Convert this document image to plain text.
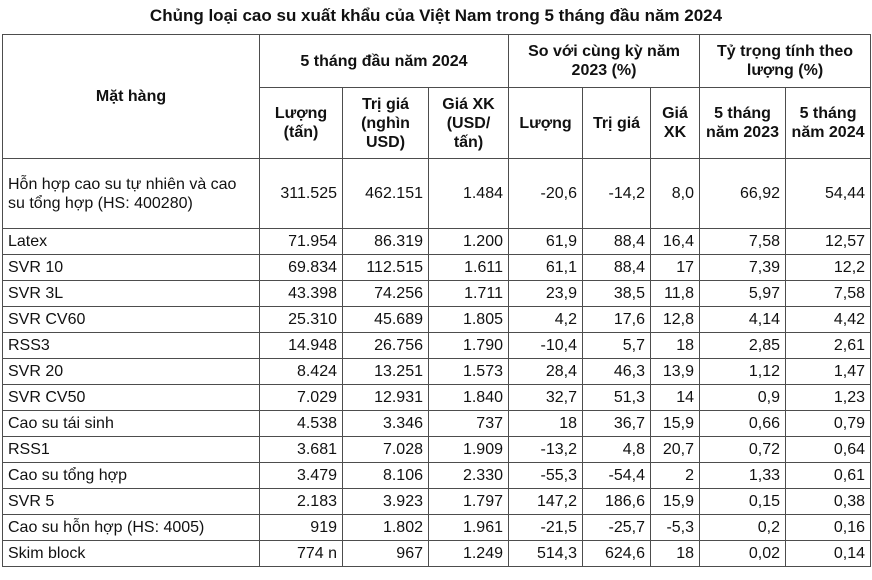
Chủng loại cao su xuất khẩu của Việt Nam trong 5 tháng đầu năm 2024
Mặt hàng	5 tháng đầu năm 2024			So với cùng kỳ năm 2023 (%)			Tỷ trọng tính theo lượng (%)	
	Lượng (tấn)	Trị giá (nghìn USD)	Giá XK (USD/ tấn)	Lượng	Trị giá	Giá XK	5 tháng năm 2023	5 tháng năm 2024
Hỗn hợp cao su tự nhiên và cao su tổng hợp (HS: 400280)	311.525	462.151	1.484	-20,6	-14,2	8,0	66,92	54,44
Latex	71.954	86.319	1.200	61,9	88,4	16,4	7,58	12,57
SVR 10	69.834	112.515	1.611	61,1	88,4	17	7,39	12,2
SVR 3L	43.398	74.256	1.711	23,9	38,5	11,8	5,97	7,58
SVR CV60	25.310	45.689	1.805	4,2	17,6	12,8	4,14	4,42
RSS3	14.948	26.756	1.790	-10,4	5,7	18	2,85	2,61
SVR 20	8.424	13.251	1.573	28,4	46,3	13,9	1,12	1,47
SVR CV50	7.029	12.931	1.840	32,7	51,3	14	0,9	1,23
Cao su tái sinh	4.538	3.346	737	18	36,7	15,9	0,66	0,79
RSS1	3.681	7.028	1.909	-13,2	4,8	20,7	0,72	0,64
Cao su tổng hợp	3.479	8.106	2.330	-55,3	-54,4	2	1,33	0,61
SVR 5	2.183	3.923	1.797	147,2	186,6	15,9	0,15	0,38
Cao su hỗn hợp (HS: 4005)	919	1.802	1.961	-21,5	-25,7	-5,3	0,2	0,16
Skim block	774 n	967	1.249	514,3	624,6	18	0,02	0,14
